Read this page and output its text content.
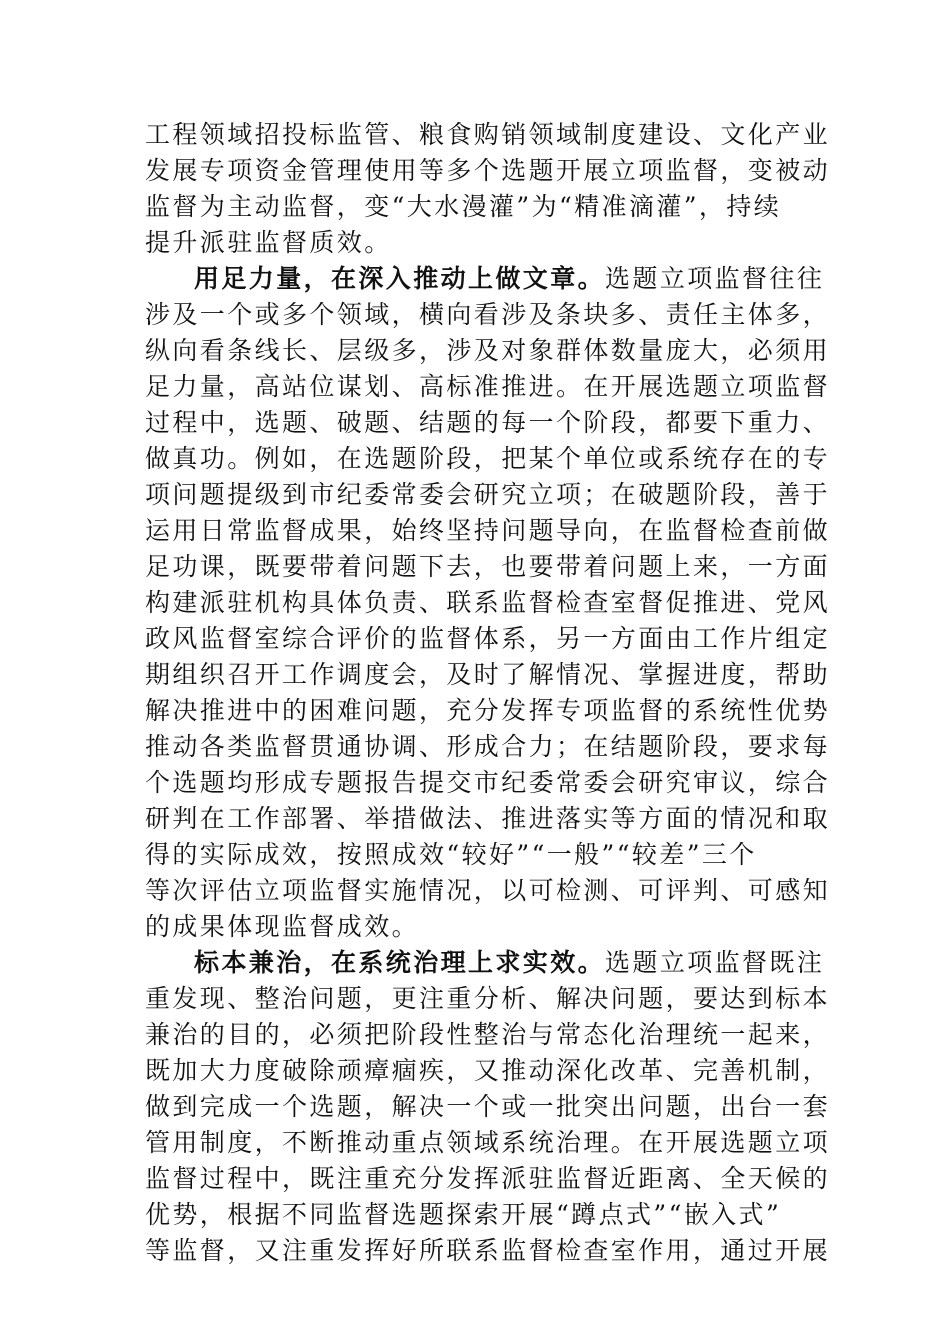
工程领域招投标监管、粮食购销领域制度建设、文化产业
发展专项资金管理使用等多个选题开展立项监督，变被动
监督为主动监督，变“大水漫灌”为“精准滴灌”，持续
提升派驻监督质效。
用足力量，在深入推动上做文章。选题立项监督往往
涉及一个或多个领域，横向看涉及条块多、责任主体多，
纵向看条线长、层级多，涉及对象群体数量庞大，必须用
足力量，高站位谋划、高标准推进。在开展选题立项监督
过程中，选题、破题、结题的每一个阶段，都要下重力、
做真功。例如，在选题阶段，把某个单位或系统存在的专
项问题提级到市纪委常委会研究立项；在破题阶段，善于
运用日常监督成果，始终坚持问题导向，在监督检查前做
足功课，既要带着问题下去，也要带着问题上来，一方面
构建派驻机构具体负责、联系监督检查室督促推进、党风
政风监督室综合评价的监督体系，另一方面由工作片组定
期组织召开工作调度会，及时了解情况、掌握进度，帮助
解决推进中的困难问题，充分发挥专项监督的系统性优势
推动各类监督贯通协调、形成合力；在结题阶段，要求每
个选题均形成专题报告提交市纪委常委会研究审议，综合
研判在工作部署、举措做法、推进落实等方面的情况和取
得的实际成效，按照成效“较好”“一般”“较差”三个
等次评估立项监督实施情况，以可检测、可评判、可感知
的成果体现监督成效。
标本兼治，在系统治理上求实效。选题立项监督既注
重发现、整治问题，更注重分析、解决问题，要达到标本
兼治的目的，必须把阶段性整治与常态化治理统一起来，
既加大力度破除顽瘴痼疾，又推动深化改革、完善机制，
做到完成一个选题，解决一个或一批突出问题，出台一套
管用制度，不断推动重点领域系统治理。在开展选题立项
监督过程中，既注重充分发挥派驻监督近距离、全天候的
优势，根据不同监督选题探索开展“蹲点式”“嵌入式”
等监督，又注重发挥好所联系监督检查室作用，通过开展
